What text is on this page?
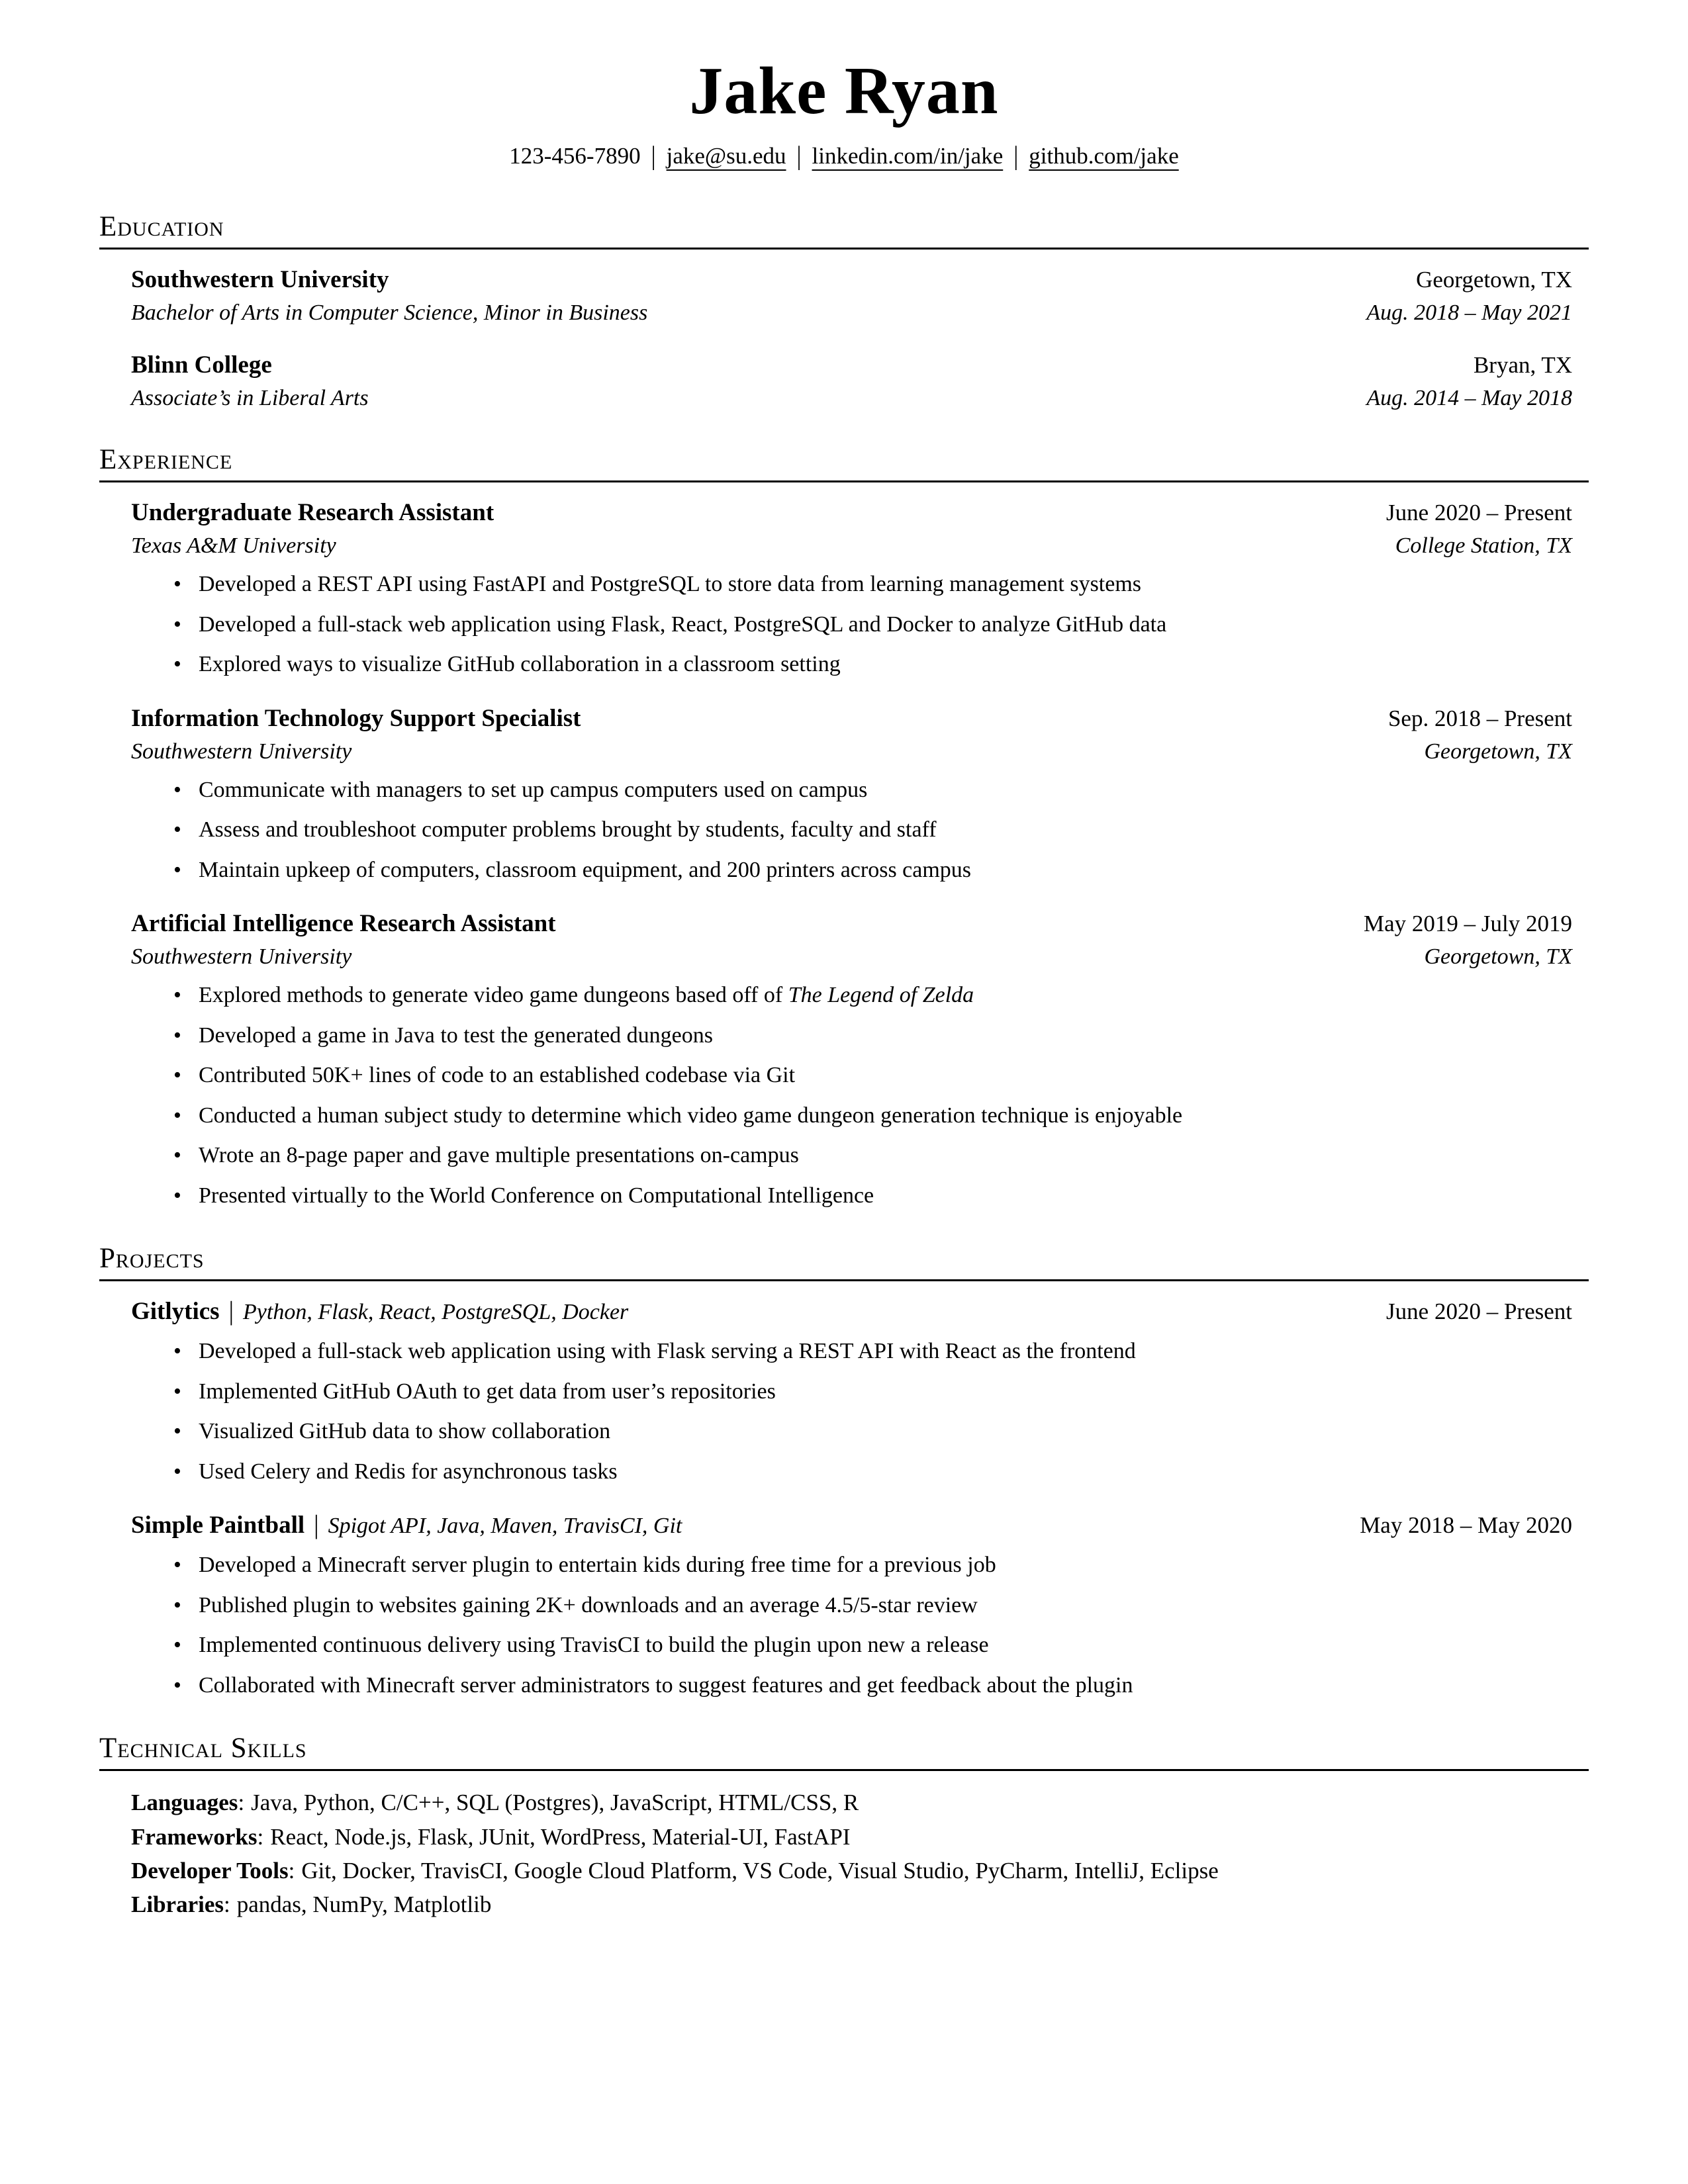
Jake Ryan
123-456-7890 | jake@su.edu | linkedin.com/in/jake | github.com/jake
Education
Southwestern University	Georgetown, TX
Bachelor of Arts in Computer Science, Minor in Business	Aug. 2018 – May 2021
Blinn College	Bryan, TX
Associate’s in Liberal Arts	Aug. 2014 – May 2018
Experience
Undergraduate Research Assistant	June 2020 – Present
Texas A&M University	College Station, TX
• Developed a REST API using FastAPI and PostgreSQL to store data from learning management systems
• Developed a full-stack web application using Flask, React, PostgreSQL and Docker to analyze GitHub data
• Explored ways to visualize GitHub collaboration in a classroom setting
Information Technology Support Specialist	Sep. 2018 – Present
Southwestern University	Georgetown, TX
• Communicate with managers to set up campus computers used on campus
• Assess and troubleshoot computer problems brought by students, faculty and staff
• Maintain upkeep of computers, classroom equipment, and 200 printers across campus
Artificial Intelligence Research Assistant	May 2019 – July 2019
Southwestern University	Georgetown, TX
• Explored methods to generate video game dungeons based off of The Legend of Zelda
• Developed a game in Java to test the generated dungeons
• Contributed 50K+ lines of code to an established codebase via Git
• Conducted a human subject study to determine which video game dungeon generation technique is enjoyable
• Wrote an 8-page paper and gave multiple presentations on-campus
• Presented virtually to the World Conference on Computational Intelligence
Projects
Gitlytics | Python, Flask, React, PostgreSQL, Docker	June 2020 – Present
• Developed a full-stack web application using with Flask serving a REST API with React as the frontend
• Implemented GitHub OAuth to get data from user’s repositories
• Visualized GitHub data to show collaboration
• Used Celery and Redis for asynchronous tasks
Simple Paintball | Spigot API, Java, Maven, TravisCI, Git	May 2018 – May 2020
• Developed a Minecraft server plugin to entertain kids during free time for a previous job
• Published plugin to websites gaining 2K+ downloads and an average 4.5/5-star review
• Implemented continuous delivery using TravisCI to build the plugin upon new a release
• Collaborated with Minecraft server administrators to suggest features and get feedback about the plugin
Technical Skills
Languages: Java, Python, C/C++, SQL (Postgres), JavaScript, HTML/CSS, R
Frameworks: React, Node.js, Flask, JUnit, WordPress, Material-UI, FastAPI
Developer Tools: Git, Docker, TravisCI, Google Cloud Platform, VS Code, Visual Studio, PyCharm, IntelliJ, Eclipse
Libraries: pandas, NumPy, Matplotlib
